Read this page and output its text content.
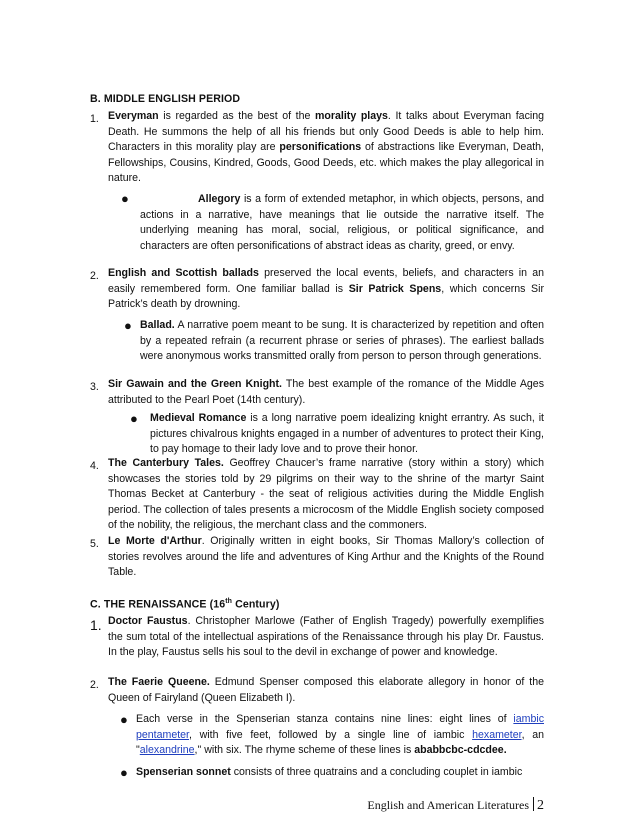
B. MIDDLE ENGLISH PERIOD
1. Everyman is regarded as the best of the morality plays. It talks about Everyman facing Death. He summons the help of all his friends but only Good Deeds is able to help him. Characters in this morality play are personifications of abstractions like Everyman, Death, Fellowships, Cousins, Kindred, Goods, Good Deeds, etc. which makes the play allegorical in nature.
●	Allegory is a form of extended metaphor, in which objects, persons, and actions in a narrative, have meanings that lie outside the narrative itself. The underlying meaning has moral, social, religious, or political significance, and characters are often personifications of abstract ideas as charity, greed, or envy.
2. English and Scottish ballads preserved the local events, beliefs, and characters in an easily remembered form. One familiar ballad is Sir Patrick Spens, which concerns Sir Patrick’s death by drowning.
● Ballad. A narrative poem meant to be sung. It is characterized by repetition and often by a repeated refrain (a recurrent phrase or series of phrases). The earliest ballads were anonymous works transmitted orally from person to person through generations.
3. Sir Gawain and the Green Knight. The best example of the romance of the Middle Ages attributed to the Pearl Poet (14th century).
● Medieval Romance is a long narrative poem idealizing knight errantry. As such, it pictures chivalrous knights engaged in a number of adventures to protect their King, to pay homage to their lady love and to prove their honor.
4. The Canterbury Tales. Geoffrey Chaucer’s frame narrative (story within a story) which showcases the stories told by 29 pilgrims on their way to the shrine of the martyr Saint Thomas Becket at Canterbury - the seat of religious activities during the Middle English period. The collection of tales presents a microcosm of the Middle English society composed of the nobility, the religious, the merchant class and the commoners.
5. Le Morte d'Arthur. Originally written in eight books, Sir Thomas Mallory’s collection of stories revolves around the life and adventures of King Arthur and the Knights of the Round Table.
C. THE RENAISSANCE (16th Century)
1. Doctor Faustus. Christopher Marlowe (Father of English Tragedy) powerfully exemplifies the sum total of the intellectual aspirations of the Renaissance through his play Dr. Faustus. In the play, Faustus sells his soul to the devil in exchange of power and knowledge.
2. The Faerie Queene. Edmund Spenser composed this elaborate allegory in honor of the Queen of Fairyland (Queen Elizabeth I).
● Each verse in the Spenserian stanza contains nine lines: eight lines of iambic pentameter, with five feet, followed by a single line of iambic hexameter, an "alexandrine," with six. The rhyme scheme of these lines is ababbcbc-cdcdee.
● Spenserian sonnet consists of three quatrains and a concluding couplet in iambic
English and American Literatures 2
